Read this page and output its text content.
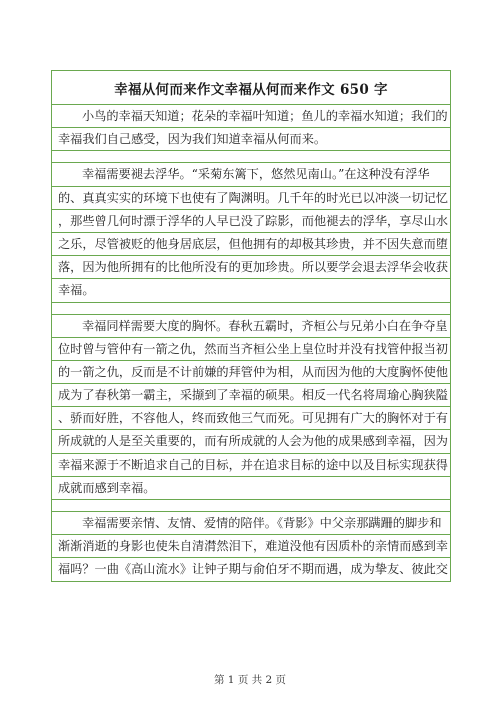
幸福从何而来作文幸福从何而来作文 650 字
小鸟的幸福天知道；花朵的幸福叶知道；鱼儿的幸福水知道；我们的
幸福我们自己感受，因为我们知道幸福从何而来。
幸福需要褪去浮华。“采菊东篱下，悠然见南山。”在这种没有浮华
的、真真实实的环境下也使有了陶渊明。几千年的时光已以冲淡一切记忆
，那些曾几何时漂于浮华的人早已没了踪影，而他褪去的浮华，享尽山水
之乐，尽管被贬的他身居底层，但他拥有的却极其珍贵，并不因失意而堕
落，因为他所拥有的比他所没有的更加珍贵。所以要学会退去浮华会收获
幸福。
幸福同样需要大度的胸怀。春秋五霸时，齐桓公与兄弟小白在争夺皇
位时曾与管仲有一箭之仇，然而当齐桓公坐上皇位时并没有找管仲报当初
的一箭之仇，反而是不计前嫌的拜管仲为相，从而因为他的大度胸怀使他
成为了春秋第一霸主，采撷到了幸福的硕果。相反一代名将周瑜心胸狭隘
、骄而好胜，不容他人，终而致他三气而死。可见拥有广大的胸怀对于有
所成就的人是至关重要的，而有所成就的人会为他的成果感到幸福，因为
幸福来源于不断追求自己的目标，并在追求目标的途中以及目标实现获得
成就而感到幸福。
幸福需要亲情、友情、爱情的陪伴。《背影》中父亲那蹒跚的脚步和
渐渐消逝的身影也使朱自清潸然泪下，难道没他有因质朴的亲情而感到幸
福吗？一曲《高山流水》让钟子期与俞伯牙不期而遇，成为挚友、彼此交
第 1 页 共 2 页
